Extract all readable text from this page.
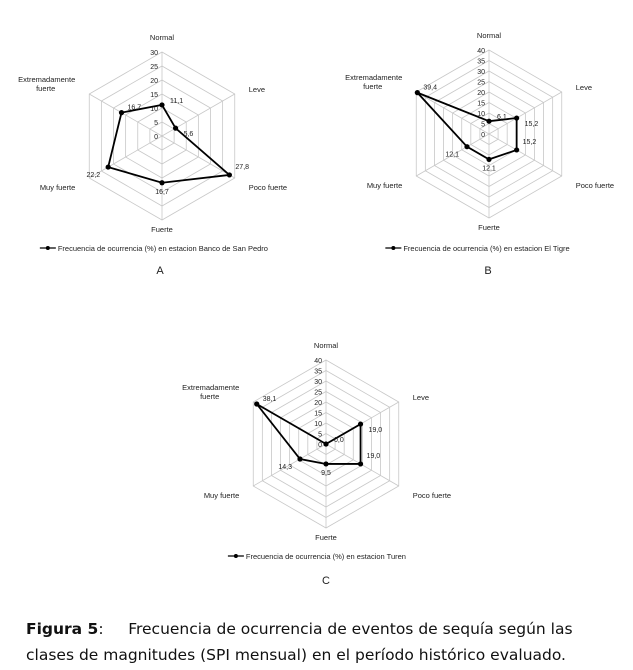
0
5
10
15
20
25
30
Normal
Leve
Poco fuerte
Fuerte
Muy fuerte
Extremadamente fuerte
11,1
5,6
27,8
16,7
22,2
16,7
Frecuencia de ocurrencia (%) en estacion Banco de San Pedro
A
0
5
10
15
20
25
30
35
40
Normal
Leve
Poco fuerte
Fuerte
Muy fuerte
Extremadamente fuerte
6,1
15,2
15,2
12,1
12,1
39,4
Frecuencia de ocurrencia (%) en estacion El Tigre
B
0
5
10
15
20
25
30
35
40
Normal
Leve
Poco fuerte
Fuerte
Muy fuerte
Extremadamente fuerte
0,0
19,0
19,0
9,5
14,3
38,1
Frecuencia de ocurrencia (%) en estacion Turen
C
Figura 5:     Frecuencia de ocurrencia de eventos de sequía según las
clases de magnitudes (SPI mensual) en el período histórico evaluado.
